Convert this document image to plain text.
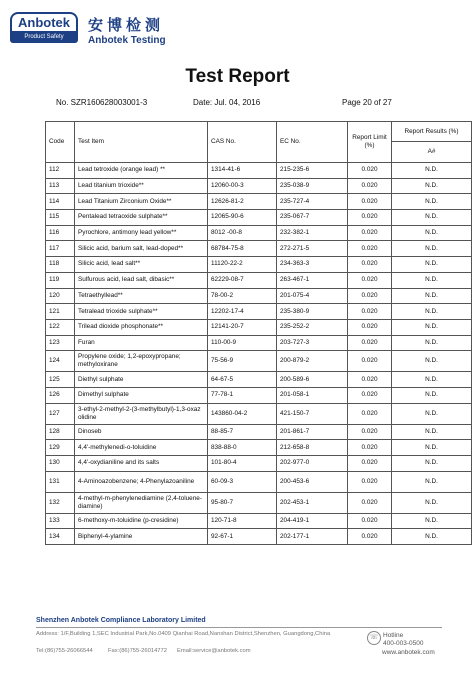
Anbotek
Product Safety
安博检测
Anbotek Testing
Test Report
No. SZR160628003001-3	Date: Jul. 04, 2016	Page 20 of 27
Code	Test Item	CAS No.	EC No.	Report Limit (%)	Report Results (%)
					A#
112	Lead tetroxide (orange lead) **	1314-41-6	215-235-6	0.020	N.D.
113	Lead titanium trioxide**	12060-00-3	235-038-9	0.020	N.D.
114	Lead Titanium Zirconium Oxide**	12626-81-2	235-727-4	0.020	N.D.
115	Pentalead tetraoxide sulphate**	12065-90-6	235-067-7	0.020	N.D.
116	Pyrochlore, antimony lead yellow**	8012 -00-8	232-382-1	0.020	N.D.
117	Silicic acid, barium salt, lead-doped**	68784-75-8	272-271-5	0.020	N.D.
118	Silicic acid, lead salt**	11120-22-2	234-363-3	0.020	N.D.
119	Sulfurous acid, lead salt, dibasic**	62229-08-7	263-467-1	0.020	N.D.
120	Tetraethyllead**	78-00-2	201-075-4	0.020	N.D.
121	Tetralead trioxide sulphate**	12202-17-4	235-380-9	0.020	N.D.
122	Trilead dioxide phosphonate**	12141-20-7	235-252-2	0.020	N.D.
123	Furan	110-00-9	203-727-3	0.020	N.D.
124	Propylene oxide; 1,2-epoxypropane; methyloxirane	75-56-9	200-879-2	0.020	N.D.
125	Diethyl sulphate	64-67-5	200-589-6	0.020	N.D.
126	Dimethyl sulphate	77-78-1	201-058-1	0.020	N.D.
127	3-ethyl-2-methyl-2-(3-methylbutyl)-1,3-oxaz olidine	143860-04-2	421-150-7	0.020	N.D.
128	Dinoseb	88-85-7	201-861-7	0.020	N.D.
129	4,4'-methylenedi-o-toluidine	838-88-0	212-658-8	0.020	N.D.
130	4,4'-oxydianiline and its salts	101-80-4	202-977-0	0.020	N.D.
131	4-Aminoazobenzene; 4-Phenylazoaniline	60-09-3	200-453-6	0.020	N.D.
132	4-methyl-m-phenylenediamine (2,4-toluene-diamine)	95-80-7	202-453-1	0.020	N.D.
133	6-methoxy-m-toluidine (p-cresidine)	120-71-8	204-419-1	0.020	N.D.
134	Biphenyl-4-ylamine	92-67-1	202-177-1	0.020	N.D.
Shenzhen Anbotek Compliance Laboratory Limited
Address: 1/F,Building 1,SEC Industrial Park,No.0409 Qianhai Road,Nanshan District,Shenzhen, Guangdong,China
Tel:(86)755-26066544	Fax:(86)755-26014772 Email:service@anbotek.com
☏ Hotline
400-003-0500
www.anbotek.com
